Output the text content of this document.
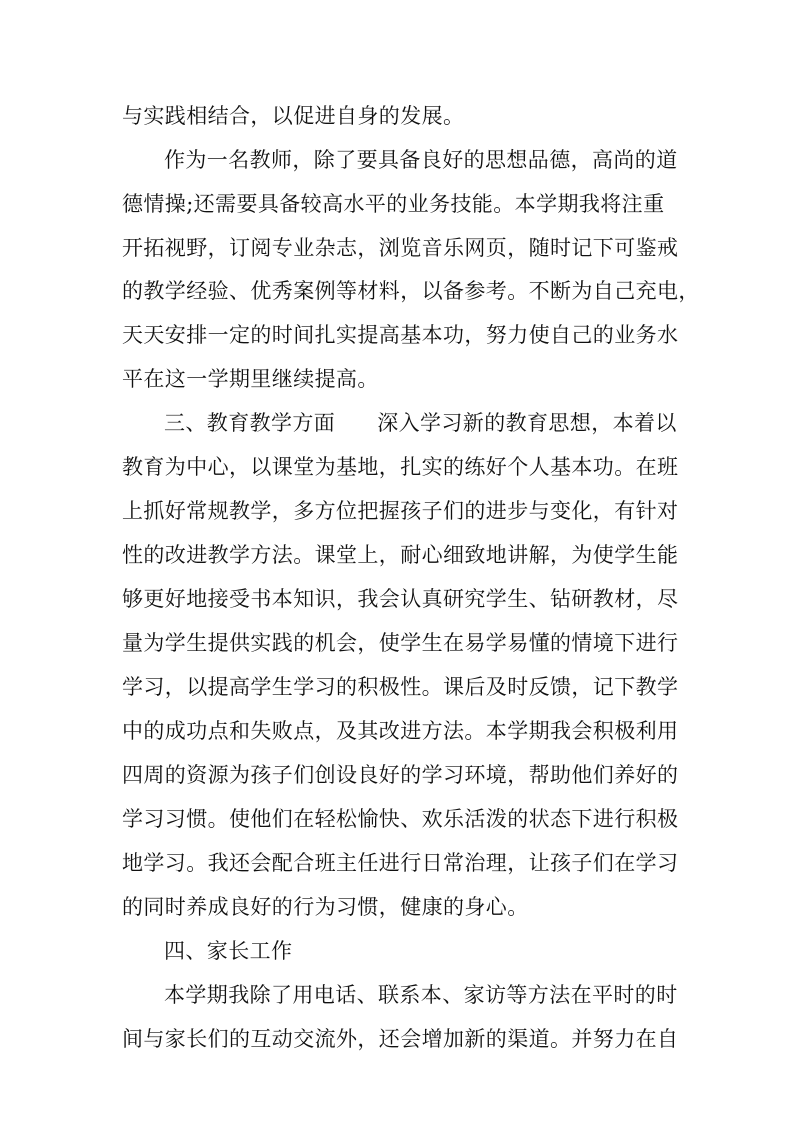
与实践相结合，以促进自身的发展。
作为一名教师，除了要具备良好的思想品德，高尚的道
德情操;还需要具备较高水平的业务技能。本学期我将注重
开拓视野，订阅专业杂志，浏览音乐网页，随时记下可鉴戒
的教学经验、优秀案例等材料，以备参考。不断为自己充电，
天天安排一定的时间扎实提高基本功，努力使自己的业务水
平在这一学期里继续提高。
三、教育教学方面 深入学习新的教育思想，本着以
教育为中心，以课堂为基地，扎实的练好个人基本功。在班
上抓好常规教学，多方位把握孩子们的进步与变化，有针对
性的改进教学方法。课堂上，耐心细致地讲解，为使学生能
够更好地接受书本知识，我会认真研究学生、钻研教材，尽
量为学生提供实践的机会，使学生在易学易懂的情境下进行
学习，以提高学生学习的积极性。课后及时反馈，记下教学
中的成功点和失败点，及其改进方法。本学期我会积极利用
四周的资源为孩子们创设良好的学习环境，帮助他们养好的
学习习惯。使他们在轻松愉快、欢乐活泼的状态下进行积极
地学习。我还会配合班主任进行日常治理，让孩子们在学习
的同时养成良好的行为习惯，健康的身心。
四、家长工作
本学期我除了用电话、联系本、家访等方法在平时的时
间与家长们的互动交流外，还会增加新的渠道。并努力在自
